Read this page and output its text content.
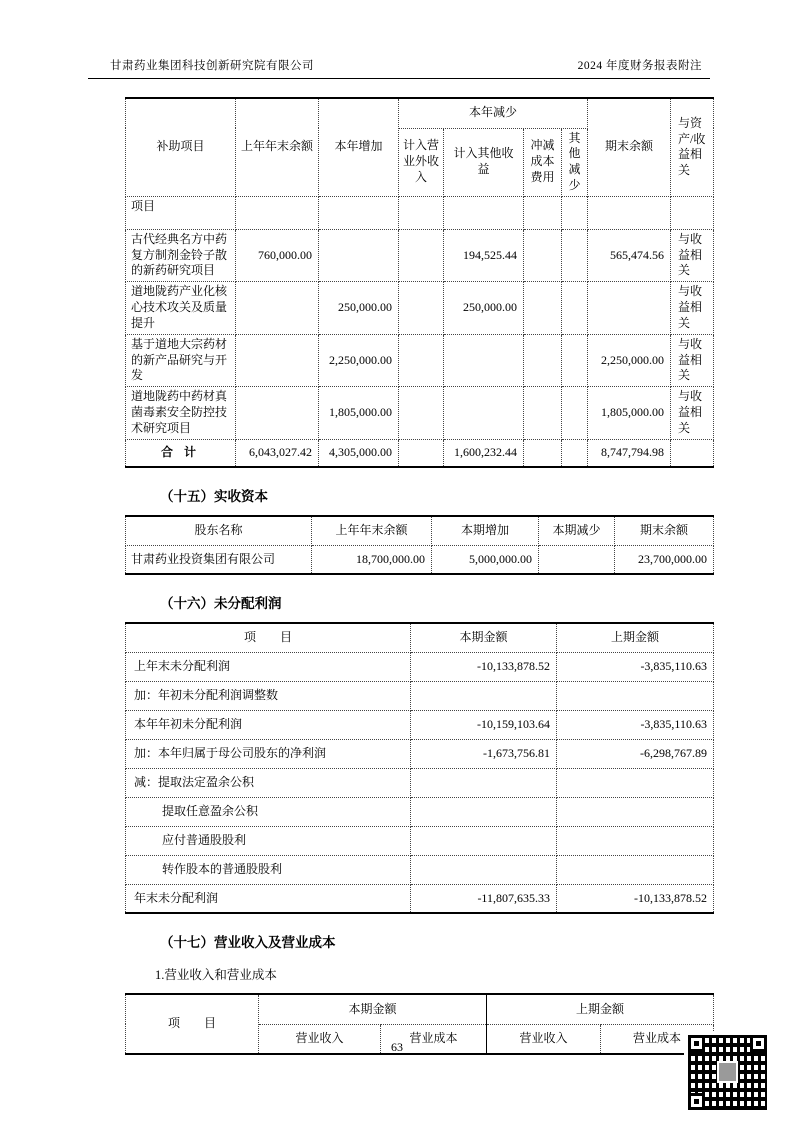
甘肃药业集团科技创新研究院有限公司	2024 年度财务报表附注
补助项目	上年年末余额	本年增加	本年减少				期末余额	与资产/收益相关
			计入营业外收入	计入其他收益	冲减成本费用	其他减少		
项目								
古代经典名方中药复方制剂金铃子散的新药研究项目	760,000.00			194,525.44			565,474.56	与收益相关
道地陇药产业化核心技术攻关及质量提升		250,000.00		250,000.00				与收益相关
基于道地大宗药材的新产品研究与开发		2,250,000.00					2,250,000.00	与收益相关
道地陇药中药材真菌毒素安全防控技术研究项目		1,805,000.00					1,805,000.00	与收益相关
合 计	6,043,027.42	4,305,000.00		1,600,232.44			8,747,794.98	
（十五）实收资本
股东名称	上年年末余额	本期增加	本期减少	期末余额
甘肃药业投资集团有限公司	18,700,000.00	5,000,000.00		23,700,000.00
（十六）未分配利润
项　　目	本期金额	上期金额
上年末未分配利润	-10,133,878.52	-3,835,110.63
加：年初未分配利润调整数		
本年年初未分配利润	-10,159,103.64	-3,835,110.63
加：本年归属于母公司股东的净利润	-1,673,756.81	-6,298,767.89
减：提取法定盈余公积		
提取任意盈余公积		
应付普通股股利		
转作股本的普通股股利		
年末未分配利润	-11,807,635.33	-10,133,878.52
（十七）营业收入及营业成本
1.营业收入和营业成本
项　　目	本期金额		上期金额	
	营业收入	营业成本	营业收入	营业成本
63
